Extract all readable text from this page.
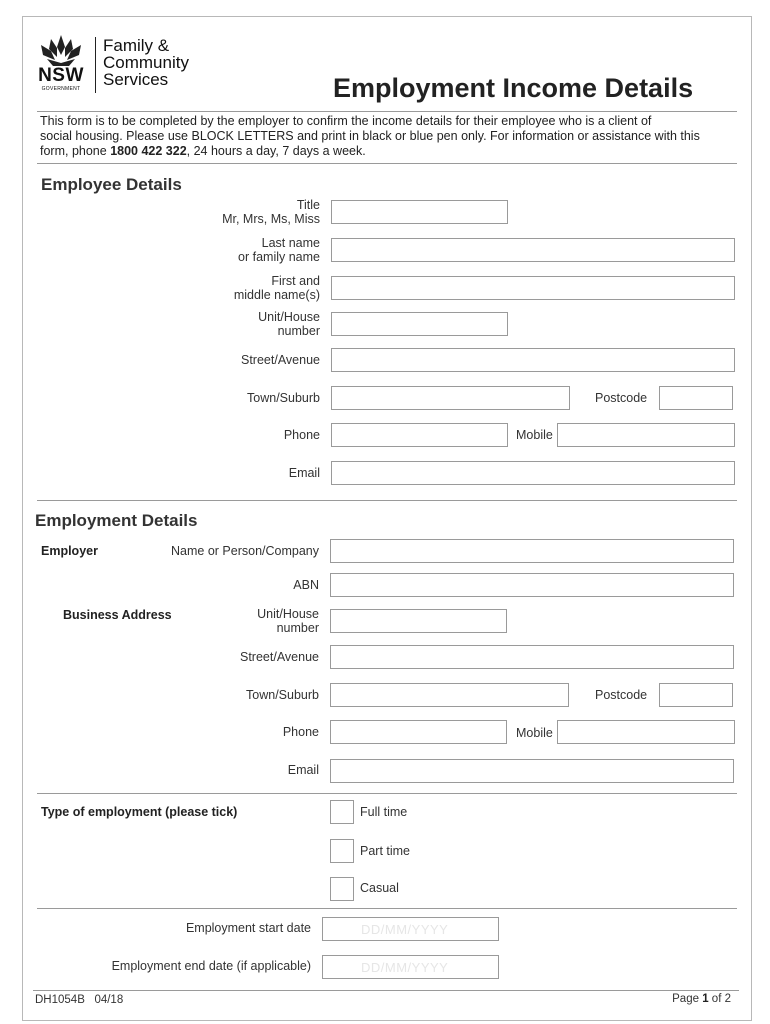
NSW
GOVERNMENT
Family &
Community
Services	Employment Income Details
This form is to be completed by the employer to confirm the income details for their employee who is a client of
social housing. Please use BLOCK LETTERS and print in black or blue pen only. For information or assistance with this
form, phone 1800 422 322, 24 hours a day, 7 days a week.
Employee Details
Title
Mr, Mrs, Ms, Miss
Last name
or family name
First and
middle name(s)
Unit/House
number
Street/Avenue
Town/Suburb	Postcode
Phone	Mobile
Email
Employment Details
Employer	Name or Person/Company
ABN
Business Address	Unit/House
number
Street/Avenue
Town/Suburb	Postcode
Phone	Mobile
Email
Type of employment (please tick)	Full time
Part time
Casual
Employment start date	DD/MM/YYYY
Employment end date (if applicable)	DD/MM/YYYY
DH1054B   04/18	Page 1 of 2
